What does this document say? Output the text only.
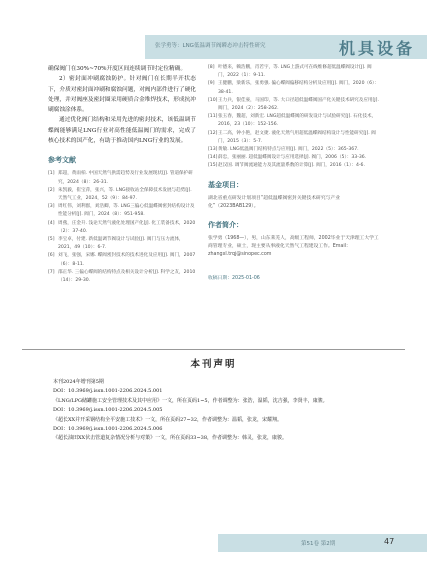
张学勇等：LNG低温调节阀瞬态冲击特性研究	机具设备

确保阀门在30%~70%开度区间连续调节时定位精确。

2）密封面冲刷腐蚀防护。针对阀门在长期半开状态下，介质对密封面冲刷和腐蚀问题，对阀内部件进行了硬化处理，并对阀座及密封圈采用硬质合金堆焊技术，形成抗冲刷腐蚀涂体系。

通过优化阀门结构和采用先进的密封技术，该低温调节蝶阀能够满足LNG行业对高性能低温阀门的需求，完成了核心技术的国产化，有助于推动国内LNG行业的发展。

参考文献
[1] 郑超，黄雨柏. 中国天然气供需趋势及行业发展现状[J]. 管道保护研究，2024（8）：26-31.
[2] 朱凯毅，崔宝萍，张兴，等. LNG接收站全保障技术发展与趋势[J]. 天然气工业，2024，52（9）：84-97.
[3] 周红伟，刘利群，刘浩卿，等. LNG三偏心低温蝶阀密封结构设计及性能分析[J]. 阀门，2024（8）：951-958.
[4] 周燕，庄金升. 浅论天然气液化处理国产化[J]. 化工装备技术，2020（2）：37-40.
[5] 李宝卓，付建. 新低温调节阀设计与试验[J]. 阀门与压力流体，2021，49（10）：6-7.
[6] 刘飞，张强，宋娜. 蝶阀密封技术的技术进化及应用[J]. 阀门，2007（6）：8-11.
[7] 邵正华. 三偏心蝶阀的结构特点及相关设计分析[J]. 科学之友，2010（14）：29-30.
[8] 叶德来，赖浩鹏，肖若宇，等. LNG上游式可在线维修超低温蝶阀设计[J]. 阀门，2022（1）：9-11.
[9] 王健鹏，梁新乐，张勇强. 偏心蝶阀偏移结构分析及应用[J]. 阀门，2020（6）：38-41.
[10] 王力兵，银佳豪，马国印，等. 大口径超低温蝶阀国产化关键技术研究及应用[J]. 阀门，2024（2）：258-262.
[11] 张玉春，魏超，刘新宏. LNG超低温蝶阀的研发设计与试验研究[J]. 石化技术，2016，23（10）：152-156.
[12] 王二高，钟小艳，赵文捷. 液化天然气用超低温蝶阀结构设计与性能研究[J]. 阀门，2015（3）：5-7.
[13] 黄敏. LNG低温阀门结构特点与应用[J]. 阀门，2022（5）：365-367.
[14] 薛忠，张丽丽. 超低温蝶阀设计与应用选择[J]. 阀门，2006（5）：33-36.
[15] 赵汉国. 调节阀流通能力及其流量系数的计算[J]. 阀门，2016（1）：4-6.
基金项目：

湖北省重点研发计划项目“超低温蝶阀密封关键技术研究与产业化”（2023BAB129）。

作者简介：

张学勇（1968—），男，山东莱芜人，高级工程师，2002毕业于天津理工大学工商管理专业，硕士，现主要从事液化天然气工程建设工作。Email：zhangxl.trqj@sinopec.com

收稿日期：2025-01-06
本刊声明

本刊2024年增刊第5期

DOI：10.3969/j.issn.1001-2206.2024.5.001

《LNG/LPG储罐施工安全管理技术及其中应用》一文，所在页码1~5，作者调整为：张浩，温韬，沈吉强，李贤丰，康骏。

DOI：10.3969/j.issn.1001-2206.2024.5.005

《超长XX并开采钢结构全平安施工技术》一文，所在页码27~32，作者调整为：温韬，张龙，宋耀翔。

DOI：10.3969/j.issn.1001-2206.2024.5.006

《超长油田XX伏击管道复杂情况分析与对策》一文，所在页码33~38，作者调整为：韩灵，张龙，康骏。

第51卷 第2期	47
